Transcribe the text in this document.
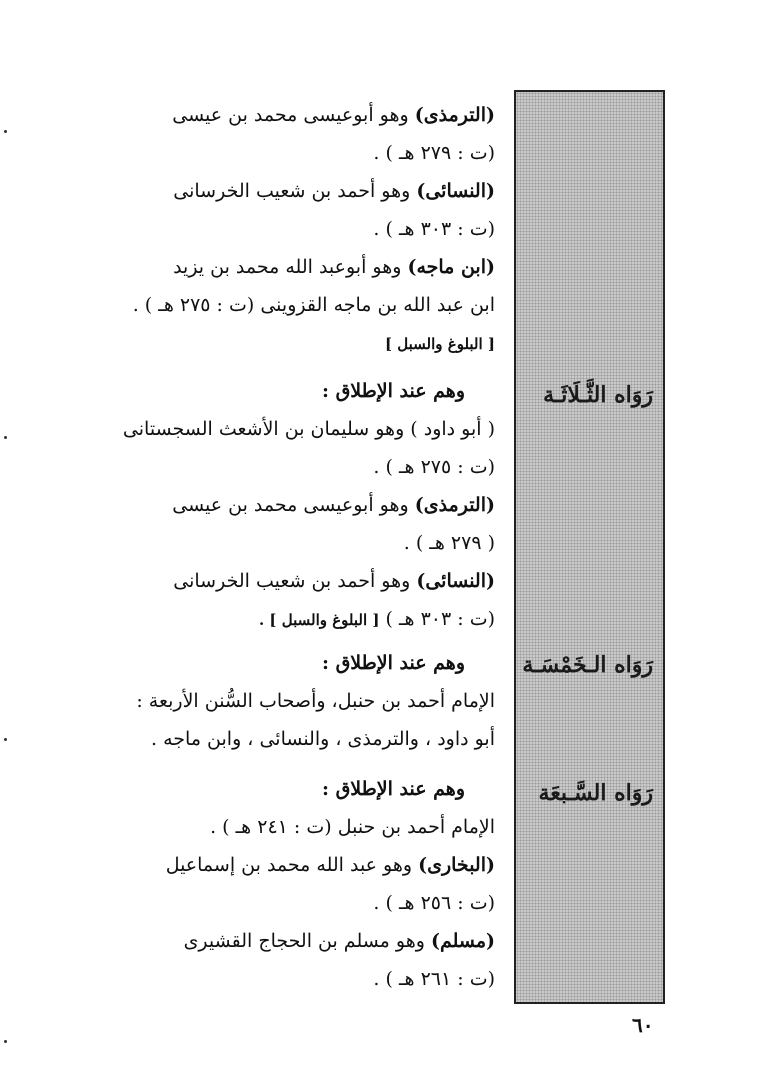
رَوَاه الثَّـلَاثَـة
رَوَاه الـخَمْسَـة
رَوَاه السَّـبعَة

(الترمذى) وهو أبوعيسى محمد بن عيسى

(ت : ٢٧٩ هـ ) .

(النسائى) وهو أحمد بن شعيب الخرسانى

(ت : ٣٠٣ هـ ) .

(ابن ماجه) وهو أبوعبد الله محمد بن يزيد

ابن عبد الله بن ماجه القزوينى (ت : ٢٧٥ هـ ) .

[ البلوغ والسبل ]

وهم عند الإطلاق :

( أبو داود ) وهو سليمان بن الأشعث السجستانى

(ت : ٢٧٥ هـ ) .

(الترمذى) وهو أبوعيسى محمد بن عيسى

( ٢٧٩ هـ ) .

(النسائى) وهو أحمد بن شعيب الخرسانى

(ت : ٣٠٣ هـ ) [ البلوغ والسبل ] .

وهم عند الإطلاق :

الإمام أحمد بن حنبل، وأصحاب السُّنن الأربعة :

أبو داود ، والترمذى ، والنسائى ، وابن ماجه .

وهم عند الإطلاق :

الإمام أحمد بن حنبل (ت : ٢٤١ هـ ) .

(البخارى) وهو عبد الله محمد بن إسماعيل

(ت : ٢٥٦ هـ ) .

(مسلم) وهو مسلم بن الحجاج القشيرى

(ت : ٢٦١ هـ ) .

٦٠
